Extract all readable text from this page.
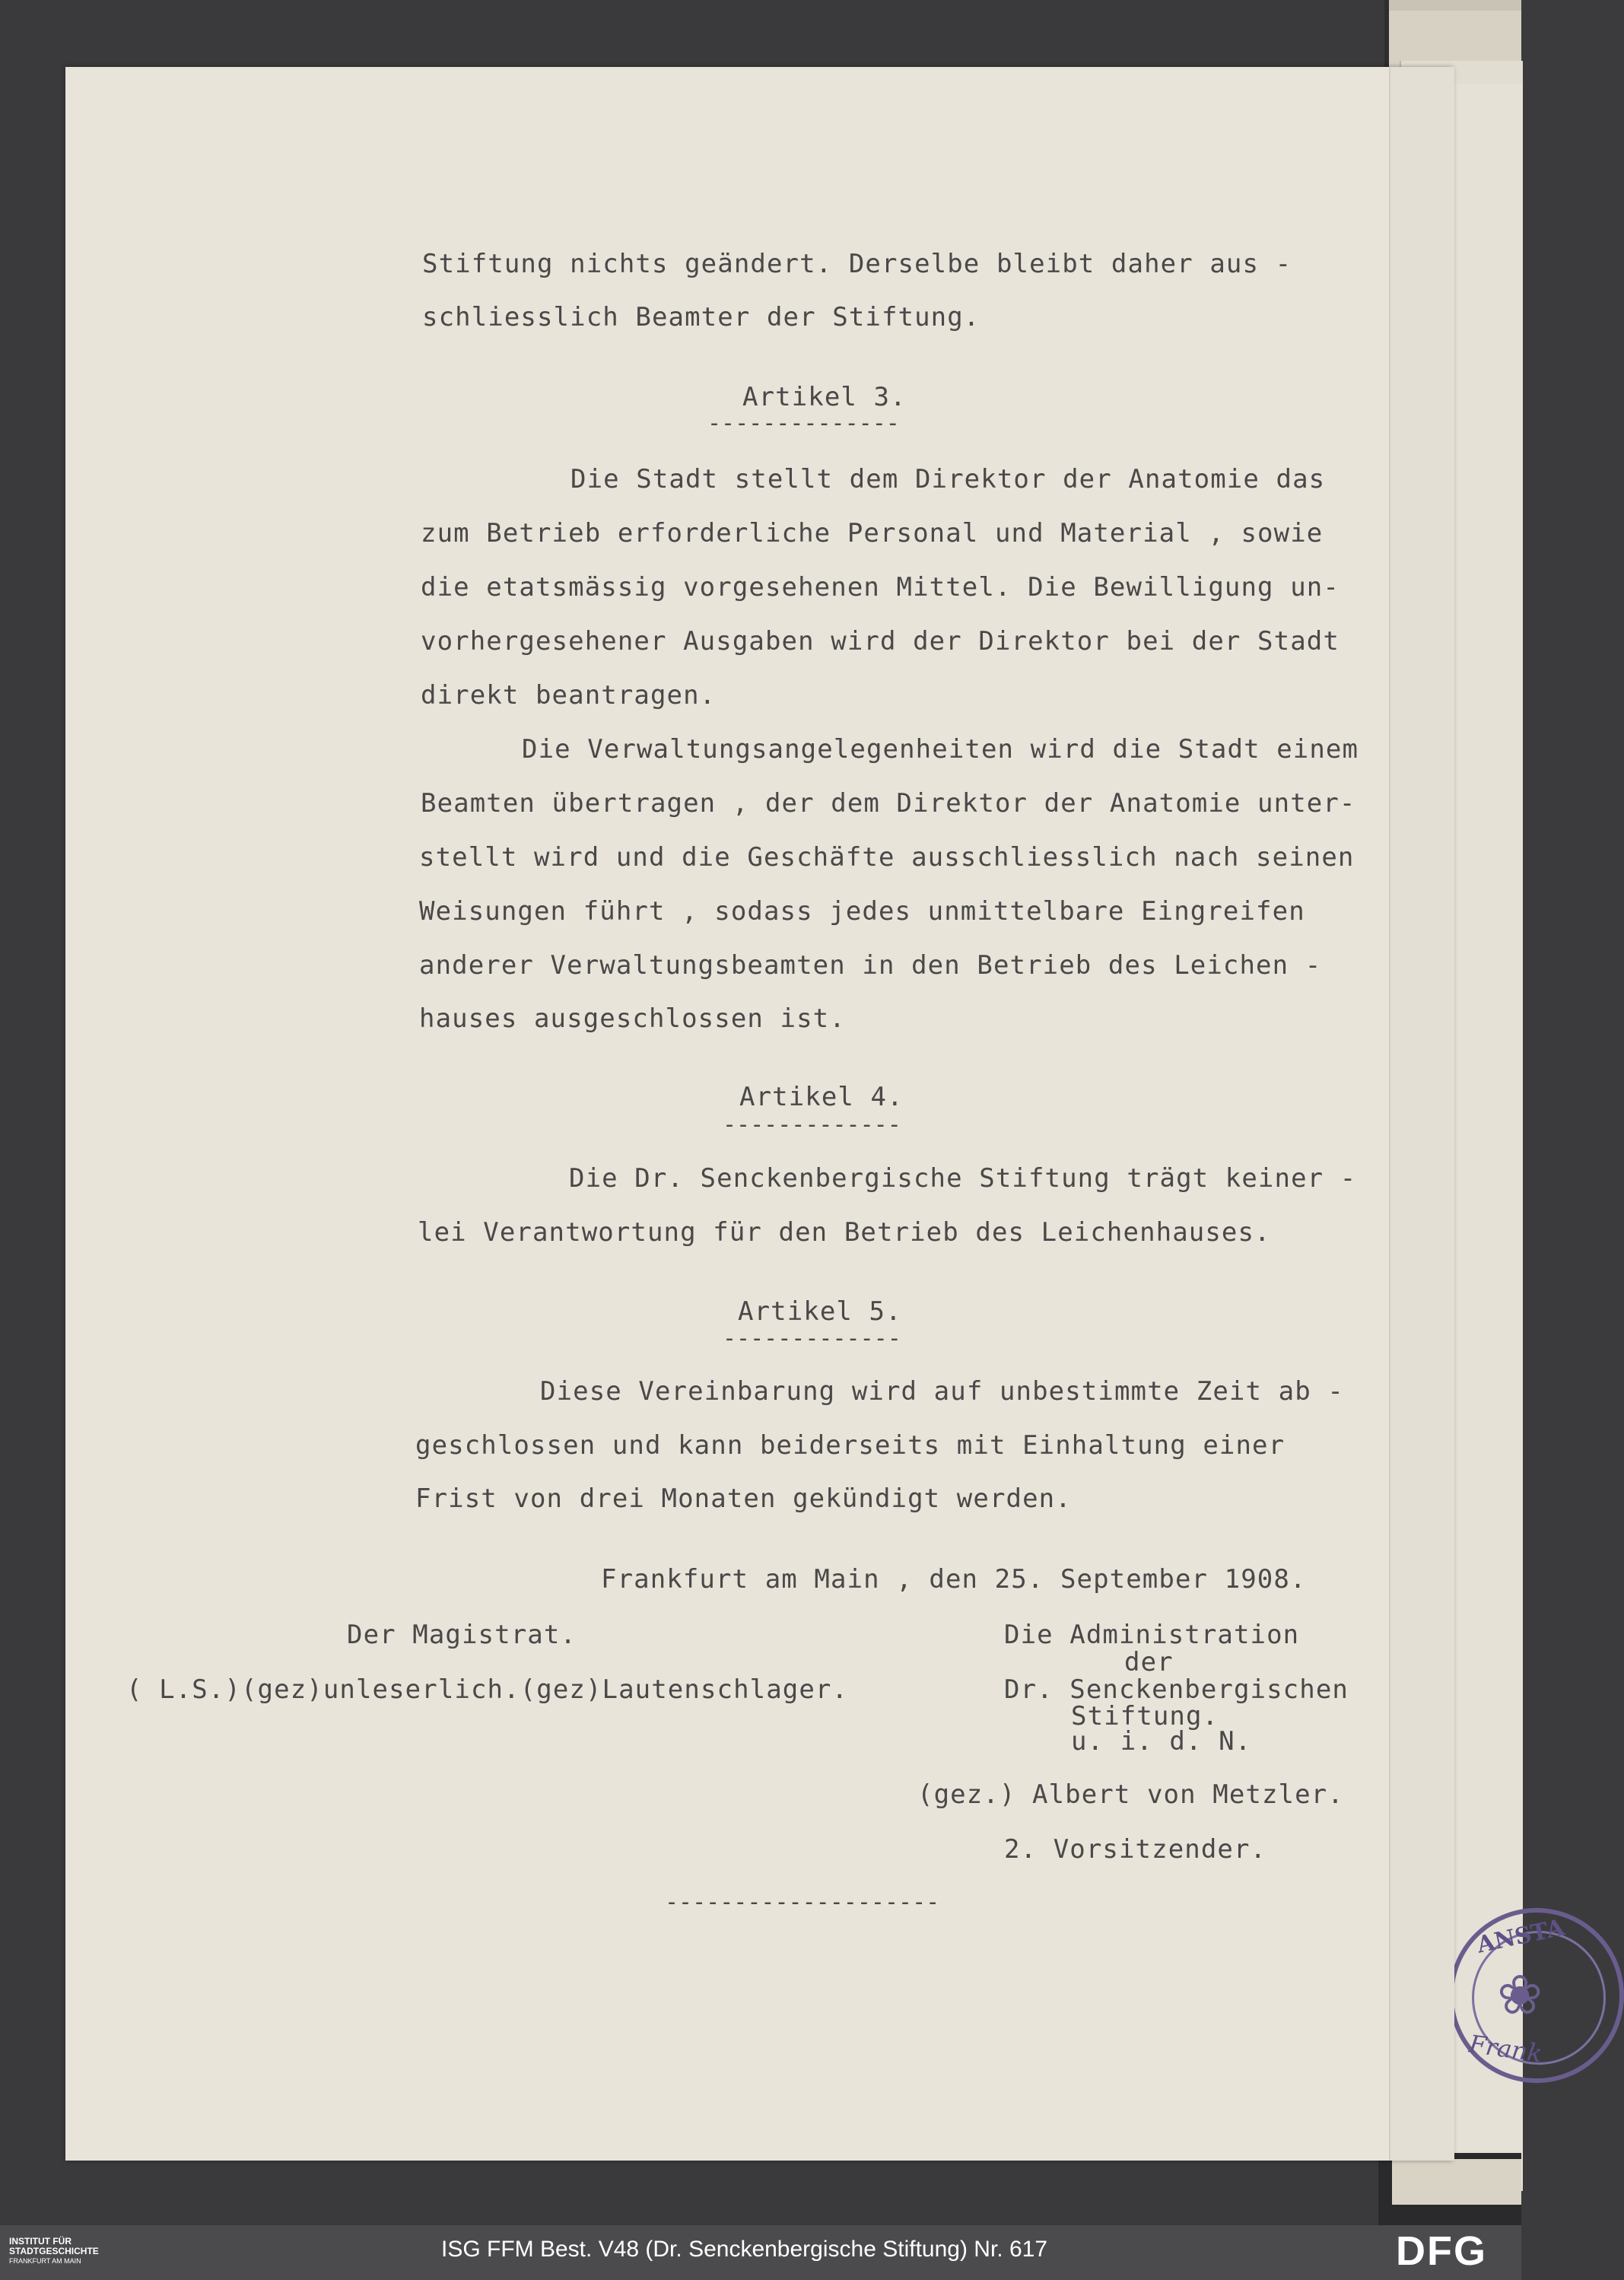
ANSTA
❀
Frank
Stiftung nichts geändert. Derselbe bleibt daher aus -
schliesslich Beamter der Stiftung.
Artikel 3.
--------------
Die Stadt stellt dem Direktor der Anatomie das
zum Betrieb erforderliche Personal und Material , sowie
die etatsmässig vorgesehenen Mittel. Die Bewilligung un-
vorhergesehener Ausgaben wird der Direktor bei der Stadt
direkt beantragen.
Die Verwaltungsangelegenheiten wird die Stadt einem
Beamten übertragen , der dem Direktor der Anatomie unter-
stellt wird und die Geschäfte ausschliesslich nach seinen
Weisungen führt , sodass jedes unmittelbare Eingreifen
anderer Verwaltungsbeamten in den Betrieb des Leichen -
hauses ausgeschlossen ist.
Artikel 4.
-------------
Die Dr. Senckenbergische Stiftung trägt keiner -
lei Verantwortung für den Betrieb des Leichenhauses.
Artikel 5.
-------------
Diese Vereinbarung wird auf unbestimmte Zeit ab -
geschlossen und kann beiderseits mit Einhaltung einer
Frist von drei Monaten gekündigt werden.
Frankfurt am Main , den 25. September 1908.
Der Magistrat.
( L.S.)(gez)unleserlich.(gez)Lautenschlager.
Die Administration
der
Dr. Senckenbergischen
Stiftung.
u. i. d. N.
(gez.) Albert von Metzler.
2. Vorsitzender.
--------------------
INSTITUT FÜR
STADTGESCHICHTE
FRANKFURT AM MAIN	ISG FFM Best. V48 (Dr. Senckenbergische Stiftung) Nr. 617	DFG
